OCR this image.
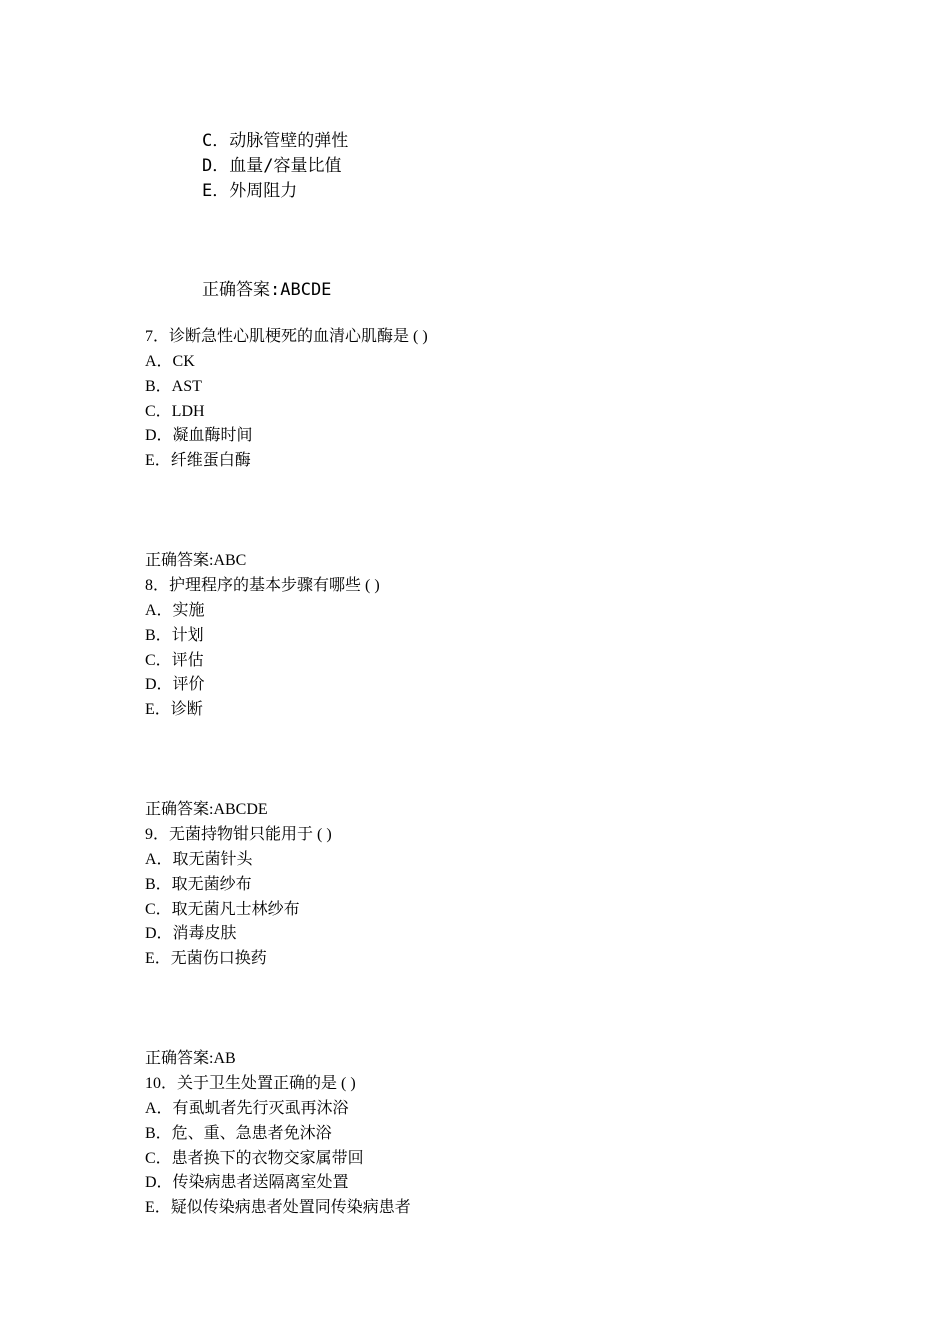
C．动脉管壁的弹性
D．血量/容量比值
E．外周阻力
正确答案:ABCDE
7．诊断急性心肌梗死的血清心肌酶是 ( )
A．CK
B．AST
C．LDH
D．凝血酶时间
E．纤维蛋白酶
正确答案:ABC
8．护理程序的基本步骤有哪些 ( )
A．实施
B．计划
C．评估
D．评价
E．诊断
正确答案:ABCDE
9．无菌持物钳只能用于 ( )
A．取无菌针头
B．取无菌纱布
C．取无菌凡士林纱布
D．消毒皮肤
E．无菌伤口换药
正确答案:AB
10．关于卫生处置正确的是 ( )
A．有虱虮者先行灭虱再沐浴
B．危、重、急患者免沐浴
C．患者换下的衣物交家属带回
D．传染病患者送隔离室处置
E．疑似传染病患者处置同传染病患者
